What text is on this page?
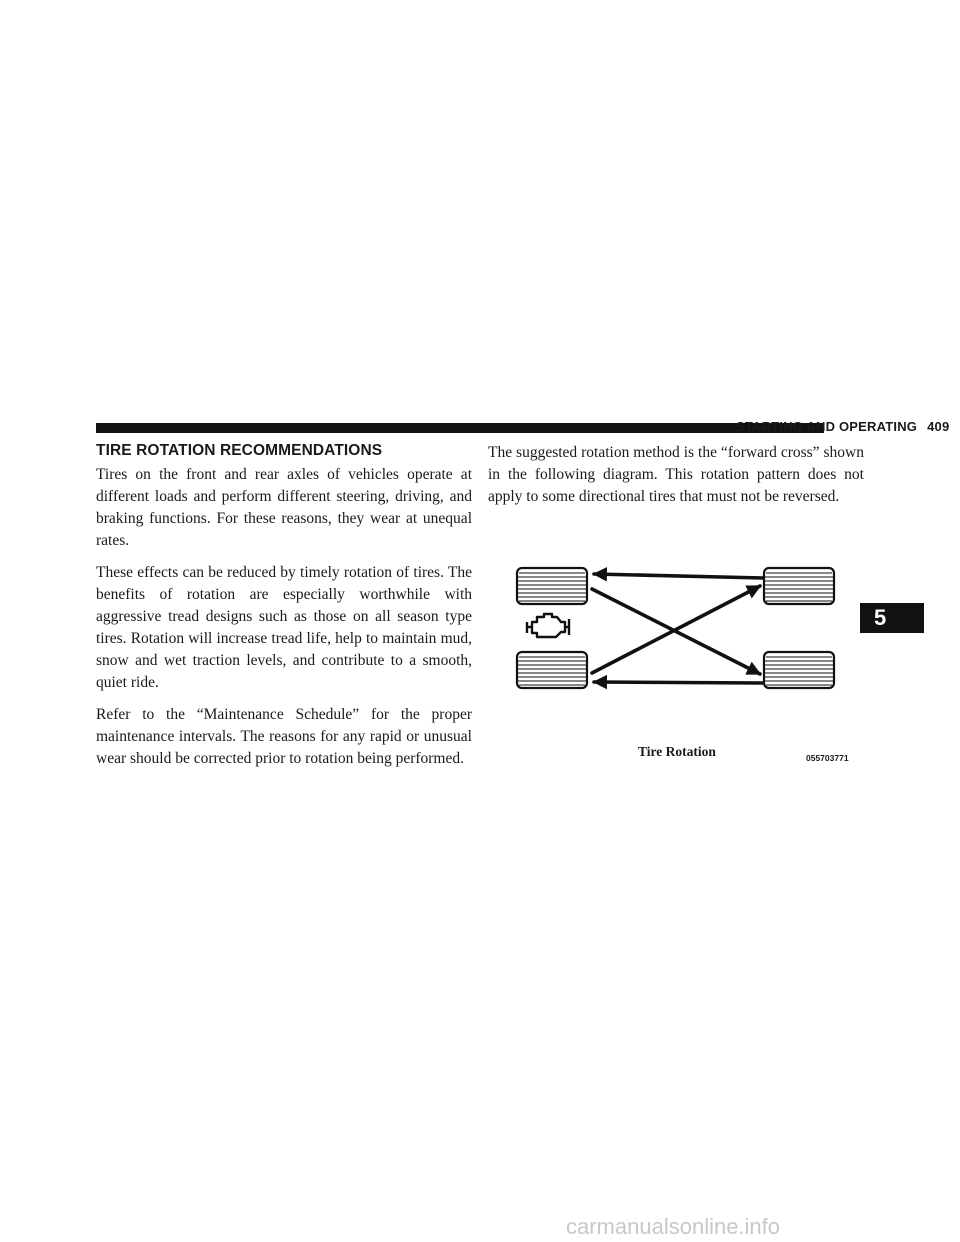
STARTING AND OPERATING 409
TIRE ROTATION RECOMMENDATIONS

Tires on the front and rear axles of vehicles operate at different loads and perform different steering, driving, and braking functions. For these reasons, they wear at unequal rates.

These effects can be reduced by timely rotation of tires. The benefits of rotation are especially worthwhile with aggressive tread designs such as those on all season type tires. Rotation will increase tread life, help to maintain mud, snow and wet traction levels, and contribute to a smooth, quiet ride.

Refer to the “Maintenance Schedule” for the proper maintenance intervals. The reasons for any rapid or unusual wear should be corrected prior to rotation being performed.

The suggested rotation method is the “forward cross” shown in the following diagram. This rotation pattern does not apply to some directional tires that must not be reversed.

055703771
Tire Rotation
5
carmanualsonline.info
